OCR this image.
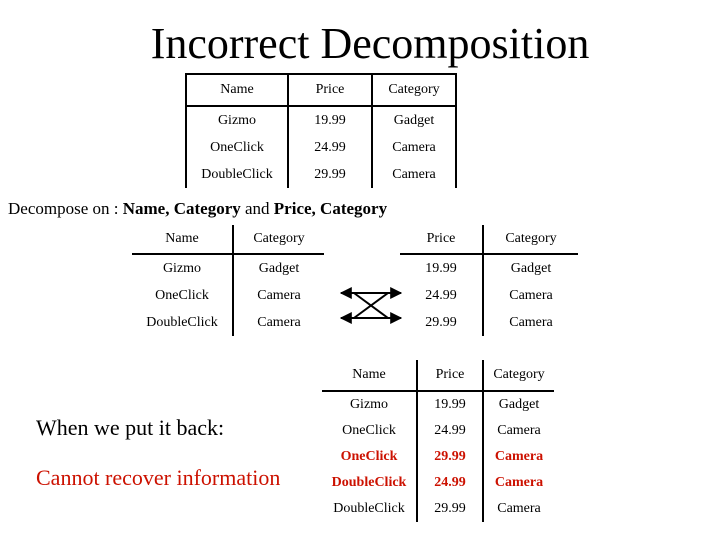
Incorrect Decomposition
Name	Price	Category
Gizmo	19.99	Gadget
OneClick	24.99	Camera
DoubleClick	29.99	Camera
Decompose on : Name, Category and Price, Category
Name	Category
Gizmo	Gadget
OneClick	Camera
DoubleClick	Camera
Price	Category
19.99	Gadget
24.99	Camera
29.99	Camera
When we put it back:
Cannot recover information
Name	Price	Category
Gizmo	19.99	Gadget
OneClick	24.99	Camera
OneClick	29.99	Camera
DoubleClick	24.99	Camera
DoubleClick	29.99	Camera
